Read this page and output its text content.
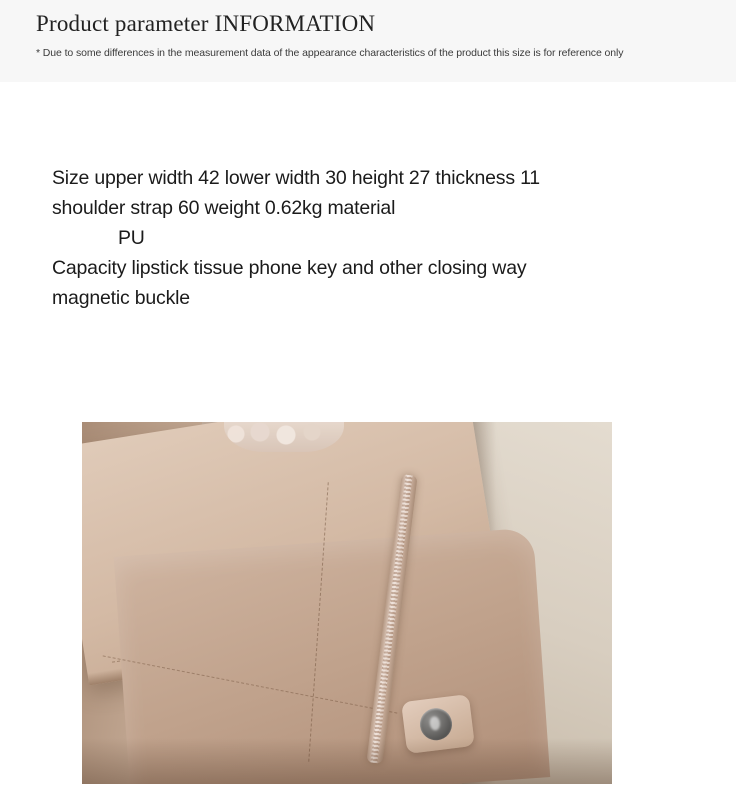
Product parameter INFORMATION
* Due to some differences in the measurement data of the appearance characteristics of the product this size is for reference only
Size upper width 42 lower width 30 height 27 thickness 11
shoulder strap 60 weight 0.62kg material
PU
Capacity lipstick tissue phone key and other closing way
magnetic buckle
